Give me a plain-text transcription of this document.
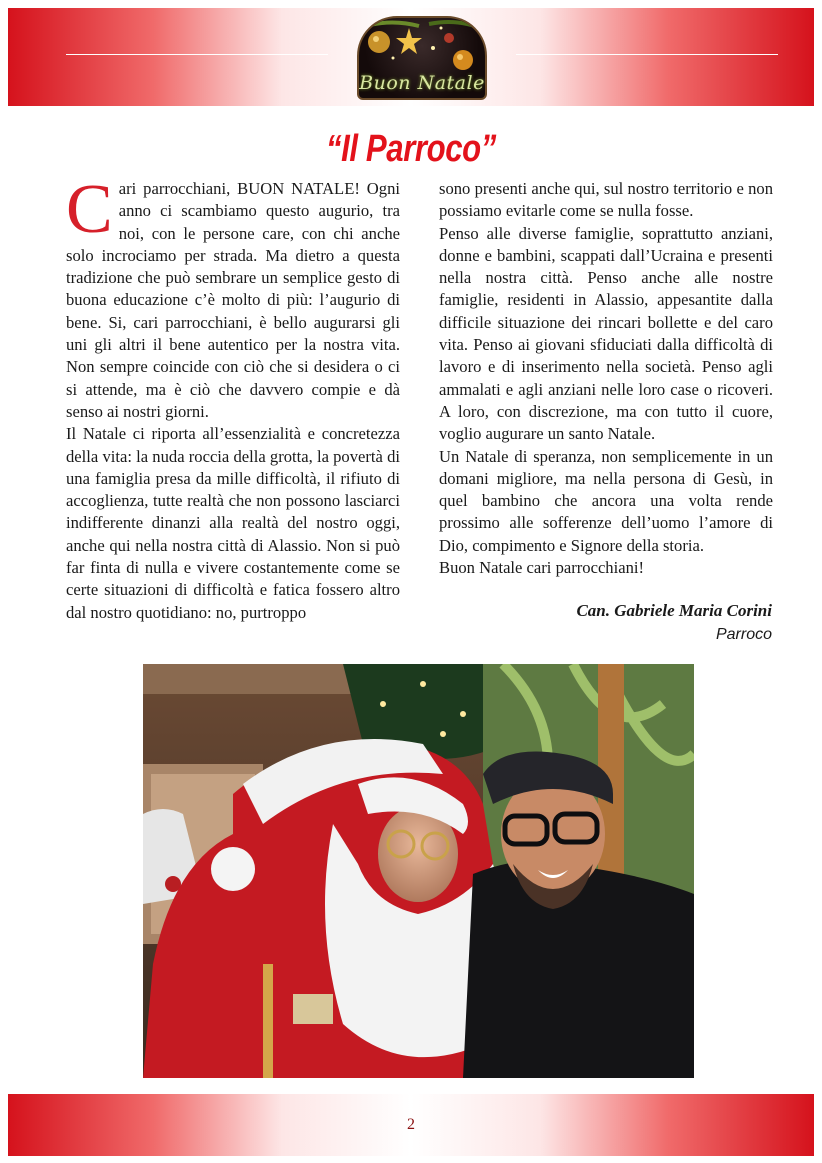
Buon Natale
“Il Parroco”

Cari parrocchiani, BUON NATALE! Ogni anno ci scambiamo questo augurio, tra noi, con le persone care, con chi anche solo incrociamo per strada. Ma dietro a questa tradizione che può sembrare un semplice gesto di buona educazione c’è molto di più: l’augurio di bene. Si, cari parrocchiani, è bello augurarsi gli uni gli altri il bene autentico per la nostra vita. Non sempre coincide con ciò che si desidera o ci si attende, ma è ciò che davvero compie e dà senso ai nostri giorni.

Il Natale ci riporta all’essenzialità e concretezza della vita: la nuda roccia della grotta, la povertà di una famiglia presa da mille difficoltà, il rifiuto di accoglienza, tutte realtà che non possono lasciarci indifferente dinanzi alla realtà del nostro oggi, anche qui nella nostra città di Alassio. Non si può far finta di nulla e vivere costantemente come se certe situazioni di difficoltà e fatica fossero altro dal nostro quotidiano: no, purtroppo

sono presenti anche qui, sul nostro territorio e non possiamo evitarle come se nulla fosse.

Penso alle diverse famiglie, soprattutto anziani, donne e bambini, scappati dall’Ucraina e presenti nella nostra città. Penso anche alle nostre famiglie, residenti in Alassio, appesantite dalla difficile situazione dei rincari bollette e del caro vita. Penso ai giovani sfiduciati dalla difficoltà di lavoro e di inserimento nella società. Penso agli ammalati e agli anziani nelle loro case o ricoveri. A loro, con discrezione, ma con tutto il cuore, voglio augurare un santo Natale.

Un Natale di speranza, non semplicemente in un domani migliore, ma nella persona di Gesù, in quel bambino che ancora una volta rende prossimo alle sofferenze dell’uomo l’amore di Dio, compimento e Signore della storia.

Buon Natale cari parrocchiani!

Can. Gabriele Maria Corini
Parroco
2
